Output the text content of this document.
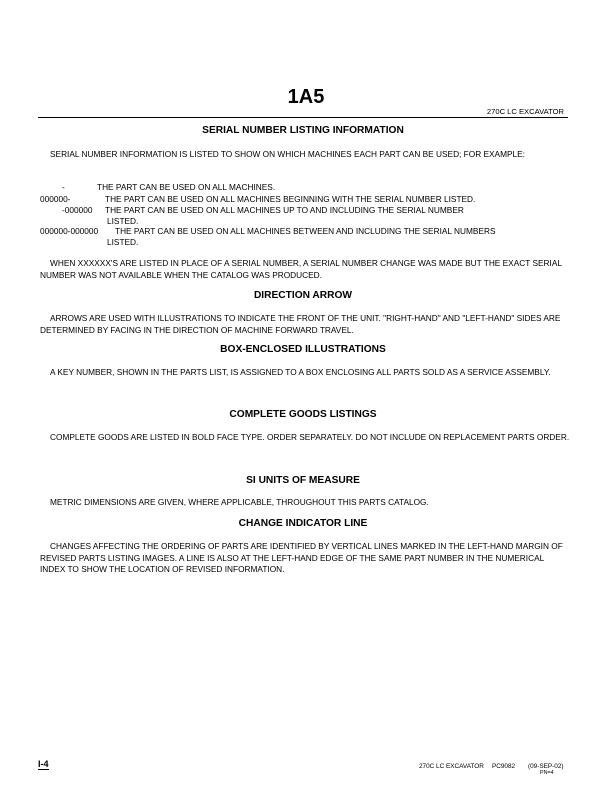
1A5
270C LC EXCAVATOR
SERIAL NUMBER LISTING INFORMATION
SERIAL NUMBER INFORMATION IS LISTED TO SHOW ON WHICH MACHINES EACH PART CAN BE USED; FOR EXAMPLE:
-	THE PART CAN BE USED ON ALL MACHINES.
000000-	THE PART CAN BE USED ON ALL MACHINES BEGINNING WITH THE SERIAL NUMBER LISTED.
-000000 THE PART CAN BE USED ON ALL MACHINES UP TO AND INCLUDING THE SERIAL NUMBER
LISTED.
000000-000000 THE PART CAN BE USED ON ALL MACHINES BETWEEN AND INCLUDING THE SERIAL NUMBERS
LISTED.
WHEN XXXXXX'S ARE LISTED IN PLACE OF A SERIAL NUMBER, A SERIAL NUMBER CHANGE WAS MADE BUT THE EXACT SERIAL NUMBER WAS NOT AVAILABLE WHEN THE CATALOG WAS PRODUCED.
DIRECTION ARROW
ARROWS ARE USED WITH ILLUSTRATIONS TO INDICATE THE FRONT OF THE UNIT. "RIGHT-HAND" AND "LEFT-HAND" SIDES ARE DETERMINED BY FACING IN THE DIRECTION OF MACHINE FORWARD TRAVEL.
BOX-ENCLOSED ILLUSTRATIONS
A KEY NUMBER, SHOWN IN THE PARTS LIST, IS ASSIGNED TO A BOX ENCLOSING ALL PARTS SOLD AS A SERVICE ASSEMBLY.
COMPLETE GOODS LISTINGS
COMPLETE GOODS ARE LISTED IN BOLD FACE TYPE. ORDER SEPARATELY. DO NOT INCLUDE ON REPLACEMENT PARTS ORDER.
SI UNITS OF MEASURE
METRIC DIMENSIONS ARE GIVEN, WHERE APPLICABLE, THROUGHOUT THIS PARTS CATALOG.
CHANGE INDICATOR LINE
CHANGES AFFECTING THE ORDERING OF PARTS ARE IDENTIFIED BY VERTICAL LINES MARKED IN THE LEFT-HAND MARGIN OF REVISED PARTS LISTING IMAGES. A LINE IS ALSO AT THE LEFT-HAND EDGE OF THE SAME PART NUMBER IN THE NUMERICAL INDEX TO SHOW THE LOCATION OF REVISED INFORMATION.
I-4	270C LC EXCAVATOR PC9082 (09-SEP-02)
PN=4
